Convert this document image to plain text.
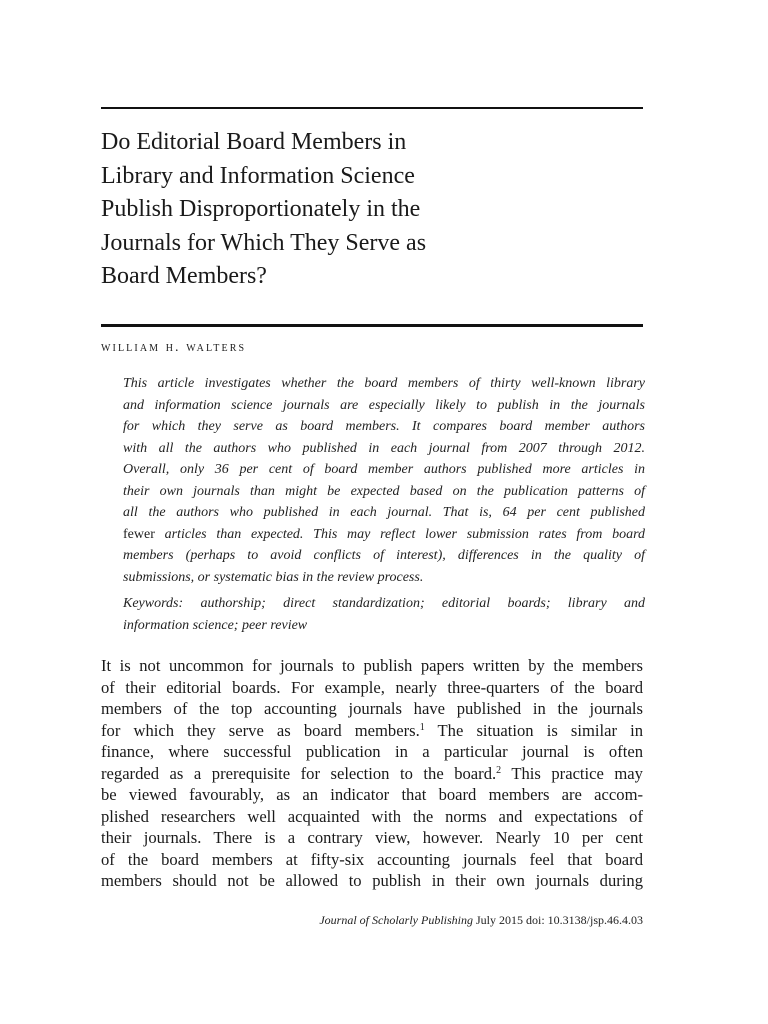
Do Editorial Board Members in
Library and Information Science
Publish Disproportionately in the
Journals for Which They Serve as
Board Members?
william h. walters
This article investigates whether the board members of thirty well-known library
and information science journals are especially likely to publish in the journals
for which they serve as board members. It compares board member authors
with all the authors who published in each journal from 2007 through 2012.
Overall, only 36 per cent of board member authors published more articles in
their own journals than might be expected based on the publication patterns of
all the authors who published in each journal. That is, 64 per cent published
fewer articles than expected. This may reflect lower submission rates from board
members (perhaps to avoid conflicts of interest), differences in the quality of
submissions, or systematic bias in the review process.
Keywords: authorship; direct standardization; editorial boards; library and
information science; peer review
It is not uncommon for journals to publish papers written by the members
of their editorial boards. For example, nearly three-quarters of the board
members of the top accounting journals have published in the journals
for which they serve as board members.$^1$ The situation is similar in
finance, where successful publication in a particular journal is often
regarded as a prerequisite for selection to the board.$^2$ This practice may
be viewed favourably, as an indicator that board members are accom-
plished researchers well acquainted with the norms and expectations of
their journals. There is a contrary view, however. Nearly 10 per cent
of the board members at fifty-six accounting journals feel that board
members should not be allowed to publish in their own journals during
Journal of Scholarly Publishing July 2015 doi: 10.3138/jsp.46.4.03
